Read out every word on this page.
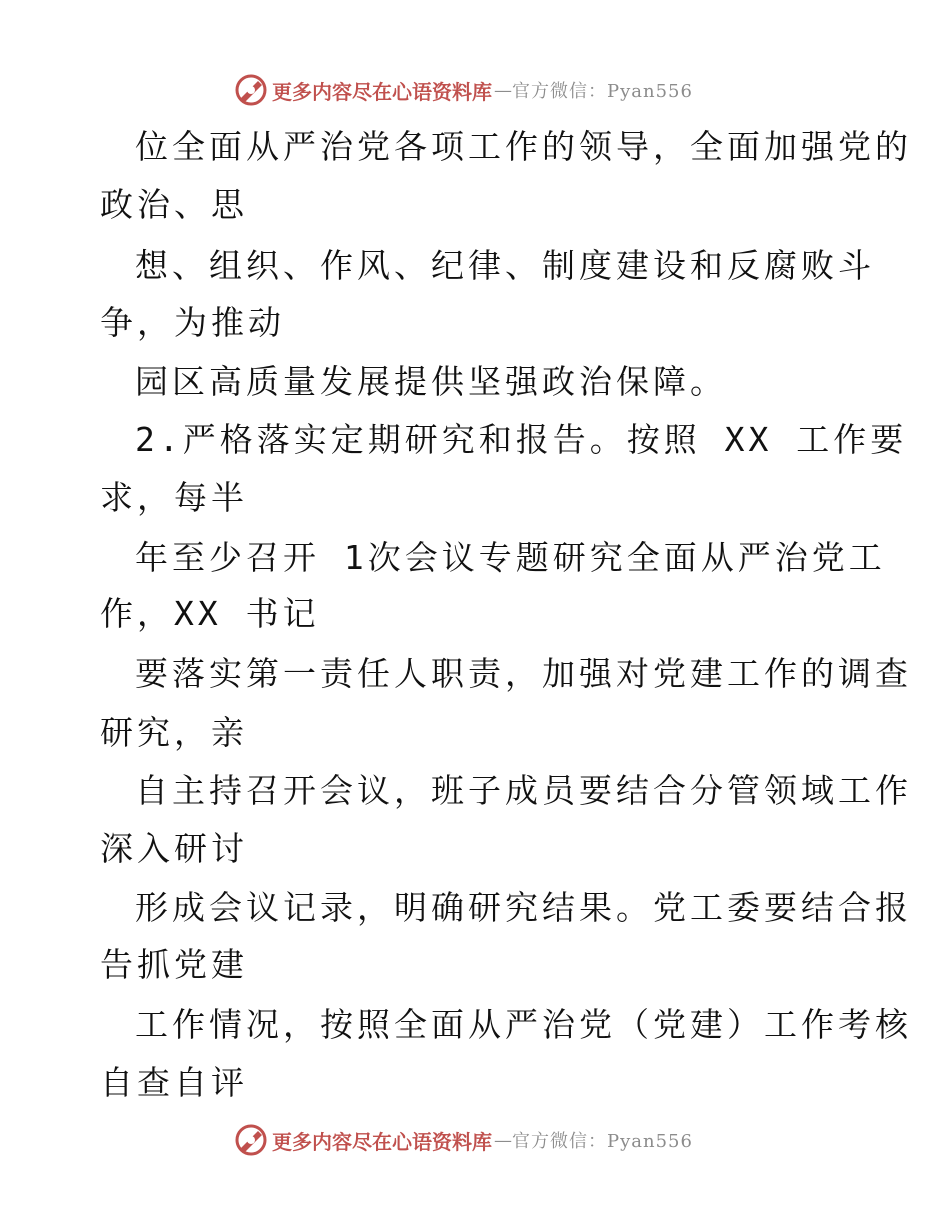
更多内容尽在心语资料库 — 官方微信：Pyan556
位全面从严治党各项工作的领导，全面加强党的
政治、思
想、组织、作风、纪律、制度建设和反腐败斗
争，为推动
园区高质量发展提供坚强政治保障。
2.严格落实定期研究和报告。按照 XX 工作要
求，每半
年至少召开 1次会议专题研究全面从严治党工
作，XX 书记
要落实第一责任人职责，加强对党建工作的调查
研究，亲
自主持召开会议，班子成员要结合分管领域工作
深入研讨
形成会议记录，明确研究结果。党工委要结合报
告抓党建
工作情况，按照全面从严治党（党建）工作考核
自查自评
更多内容尽在心语资料库 — 官方微信：Pyan556
